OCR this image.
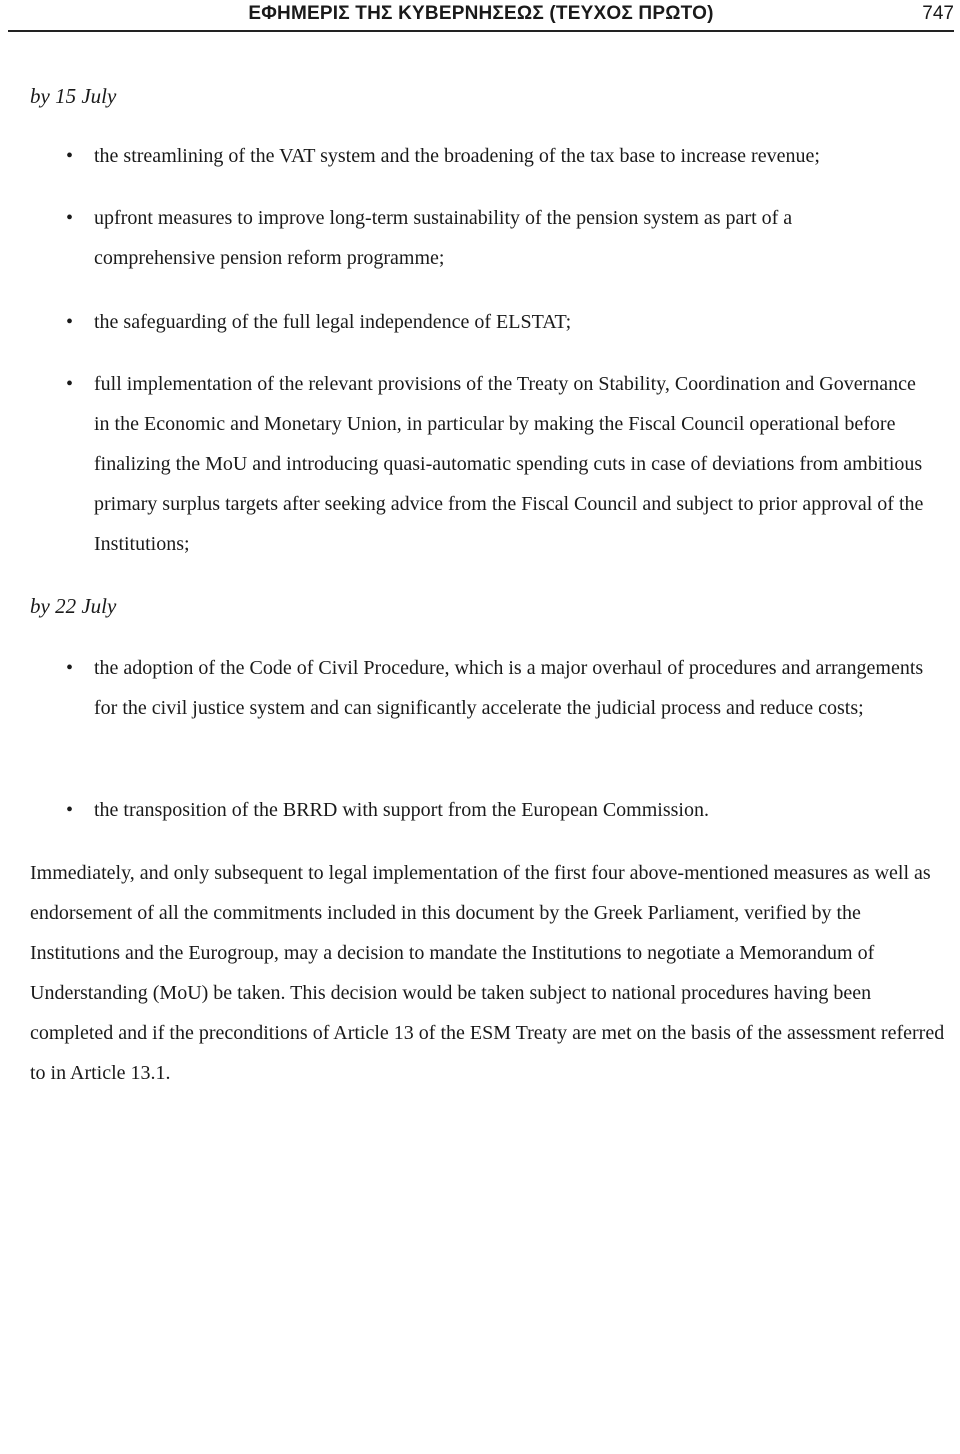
ΕΦΗΜΕΡΙΣ ΤΗΣ ΚΥΒΕΡΝΗΣΕΩΣ (ΤΕΥΧΟΣ ΠΡΩΤΟ)	747
by 15 July
• the streamlining of the VAT system and the broadening of the tax base to increase revenue;
• upfront measures to improve long-term sustainability of the pension system as part of a comprehensive pension reform programme;
• the safeguarding of the full legal independence of ELSTAT;
• full implementation of the relevant provisions of the Treaty on Stability, Coordination and Governance in the Economic and Monetary Union, in particular by making the Fiscal Council operational before finalizing the MoU and introducing quasi-automatic spending cuts in case of deviations from ambitious primary surplus targets after seeking advice from the Fiscal Council and subject to prior approval of the Institutions;
by 22 July
• the adoption of the Code of Civil Procedure, which is a major overhaul of procedures and arrangements for the civil justice system and can significantly accelerate the judicial process and reduce costs;
• the transposition of the BRRD with support from the European Commission.
Immediately, and only subsequent to legal implementation of the first four above-mentioned measures as well as endorsement of all the commitments included in this document by the Greek Parliament, verified by the Institutions and the Eurogroup, may a decision to mandate the Institutions to negotiate a Memorandum of Understanding (MoU) be taken. This decision would be taken subject to national procedures having been completed and if the preconditions of Article 13 of the ESM Treaty are met on the basis of the assessment referred to in Article 13.1.
